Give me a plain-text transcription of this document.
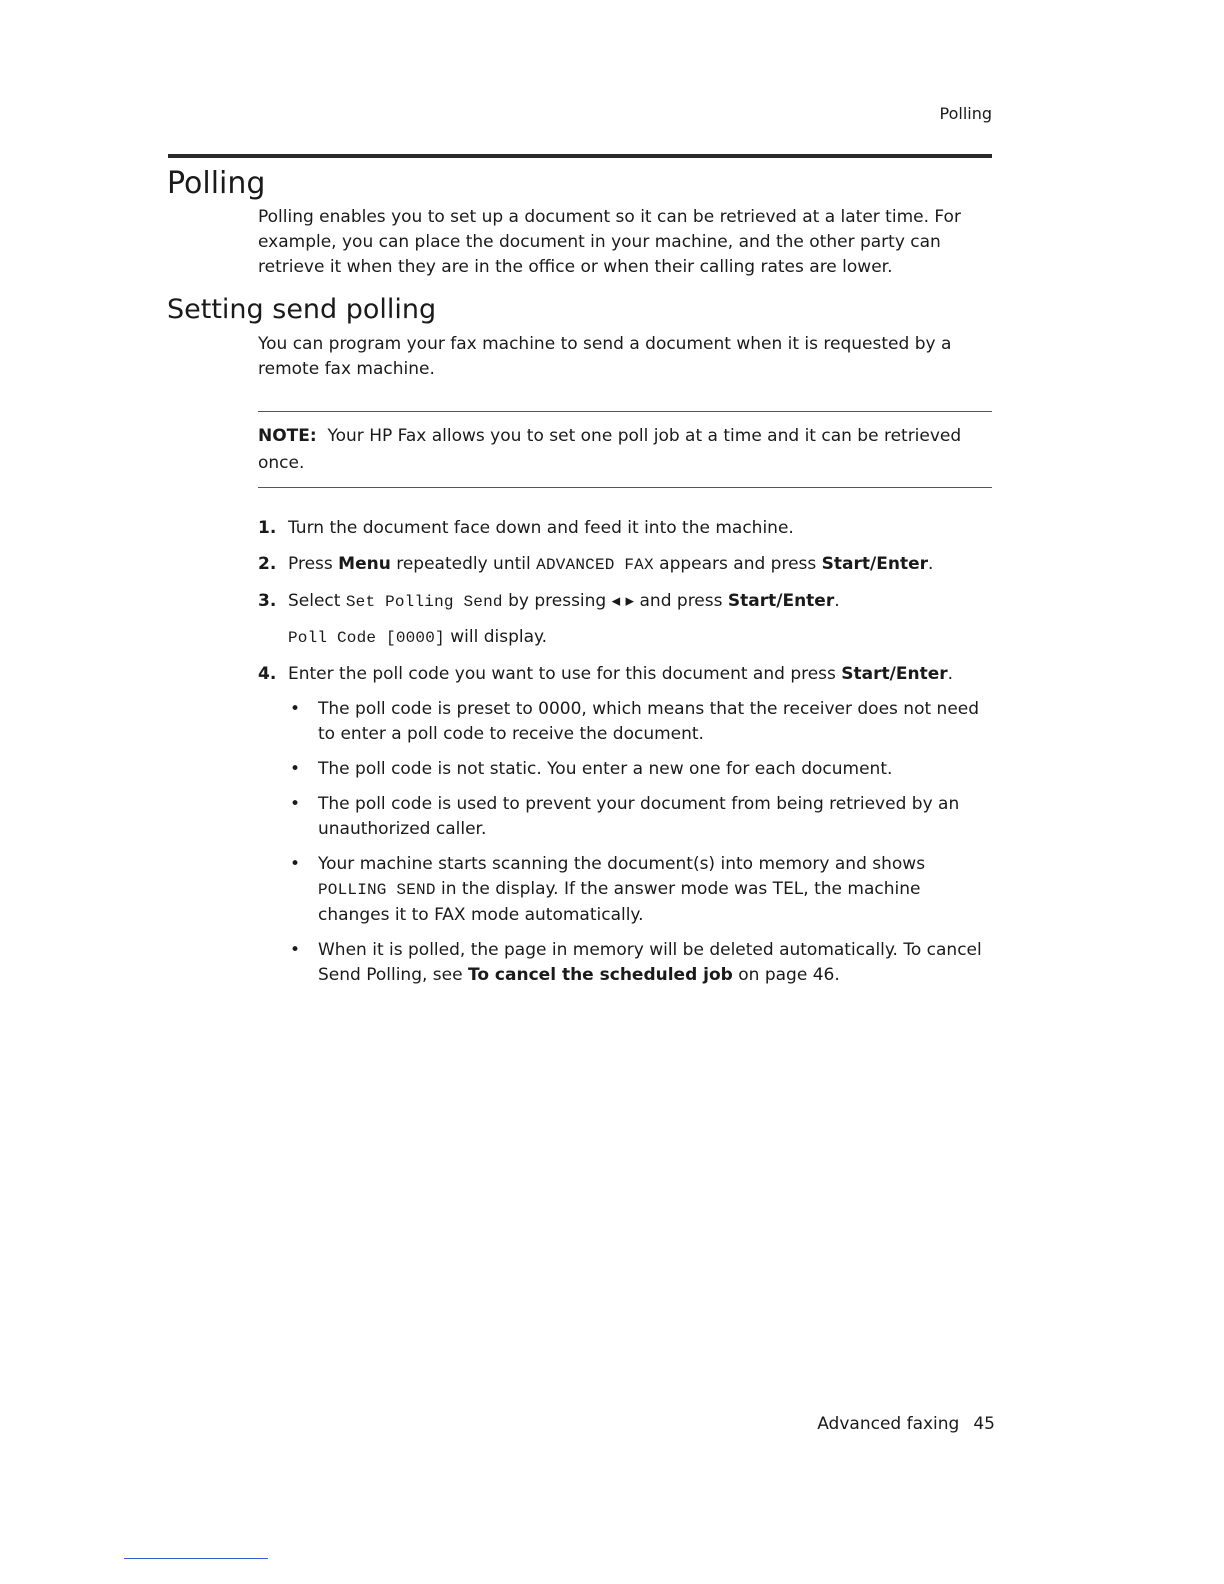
Polling
Polling

Polling enables you to set up a document so it can be retrieved at a later time. For example, you can place the document in your machine, and the other party can retrieve it when they are in the office or when their calling rates are lower.

Setting send polling

You can program your fax machine to send a document when it is requested by a remote fax machine.

NOTE: Your HP Fax allows you to set one poll job at a time and it can be retrieved once.

1. Turn the document face down and feed it into the machine.
2. Press Menu repeatedly until ADVANCED FAX appears and press Start/Enter.
3. Select Set Polling Send by pressing ◂ ▸ and press Start/Enter.
Poll Code [0000] will display.
4. Enter the poll code you want to use for this document and press Start/Enter.
• The poll code is preset to 0000, which means that the receiver does not need to enter a poll code to receive the document.
• The poll code is not static. You enter a new one for each document.
• The poll code is used to prevent your document from being retrieved by an unauthorized caller.
• Your machine starts scanning the document(s) into memory and shows POLLING SEND in the display. If the answer mode was TEL, the machine changes it to FAX mode automatically.
• When it is polled, the page in memory will be deleted automatically. To cancel Send Polling, see To cancel the scheduled job on page 46.
Advanced faxing 45
